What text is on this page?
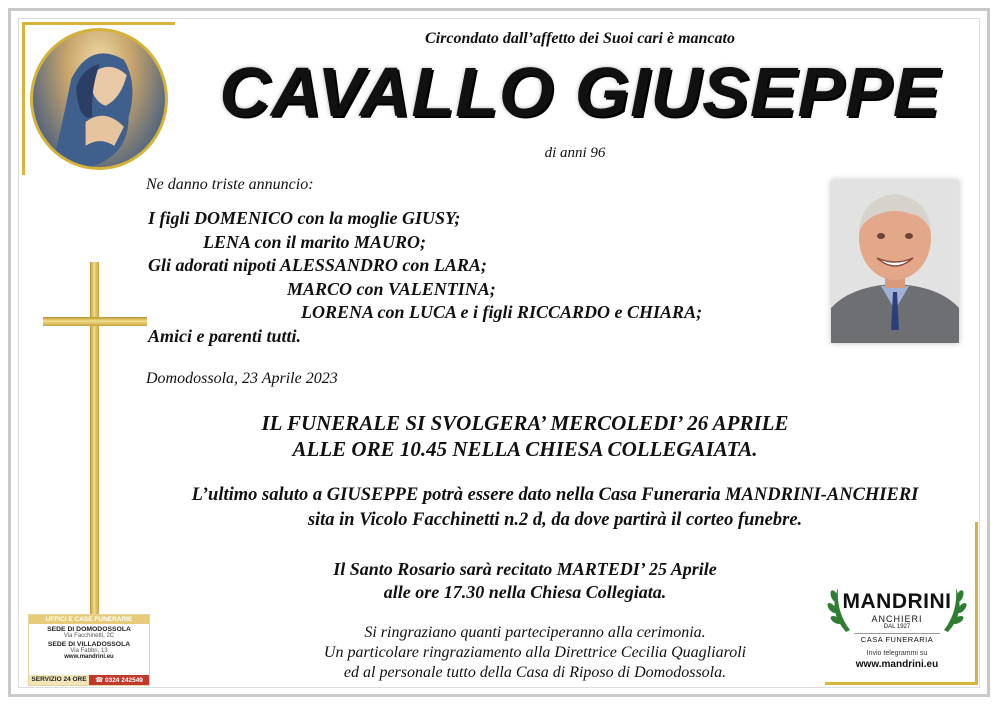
Circondato dall’affetto dei Suoi cari è mancato
CAVALLO GIUSEPPE
di anni 96
Ne danno triste annuncio:
I figli DOMENICO con la moglie GIUSY;
LENA con il marito MAURO;
Gli adorati nipoti ALESSANDRO con LARA;
MARCO con VALENTINA;
LORENA con LUCA e i figli RICCARDO e CHIARA;
Amici e parenti tutti.
Domodossola, 23 Aprile 2023
IL FUNERALE SI SVOLGERA’ MERCOLEDI’ 26 APRILE
ALLE ORE 10.45 NELLA CHIESA COLLEGAIATA.
L’ultimo saluto a GIUSEPPE potrà essere dato nella Casa Funeraria MANDRINI-ANCHIERI
sita in Vicolo Facchinetti n.2 d, da dove partirà il corteo funebre.
Il Santo Rosario sarà recitato MARTEDI’ 25 Aprile
alle ore 17.30 nella Chiesa Collegiata.
Si ringraziano quanti parteciperanno alla cerimonia.
Un particolare ringraziamento alla Direttrice Cecilia Quagliaroli
ed al personale tutto della Casa di Riposo di Domodossola.
UFFICI E CASE FUNERARIE
SEDE DI DOMODOSSOLA
Via Facchinetti, 2C
SEDE DI VILLADOSSOLA
Via Fabbri, 13
www.mandrini.eu
SERVIZIO 24 ORE	☎ 0324 242549
MANDRINI
ANCHIERI
DAL 1927
CASA FUNERARIA
Invio telegrammi su
www.mandrini.eu
